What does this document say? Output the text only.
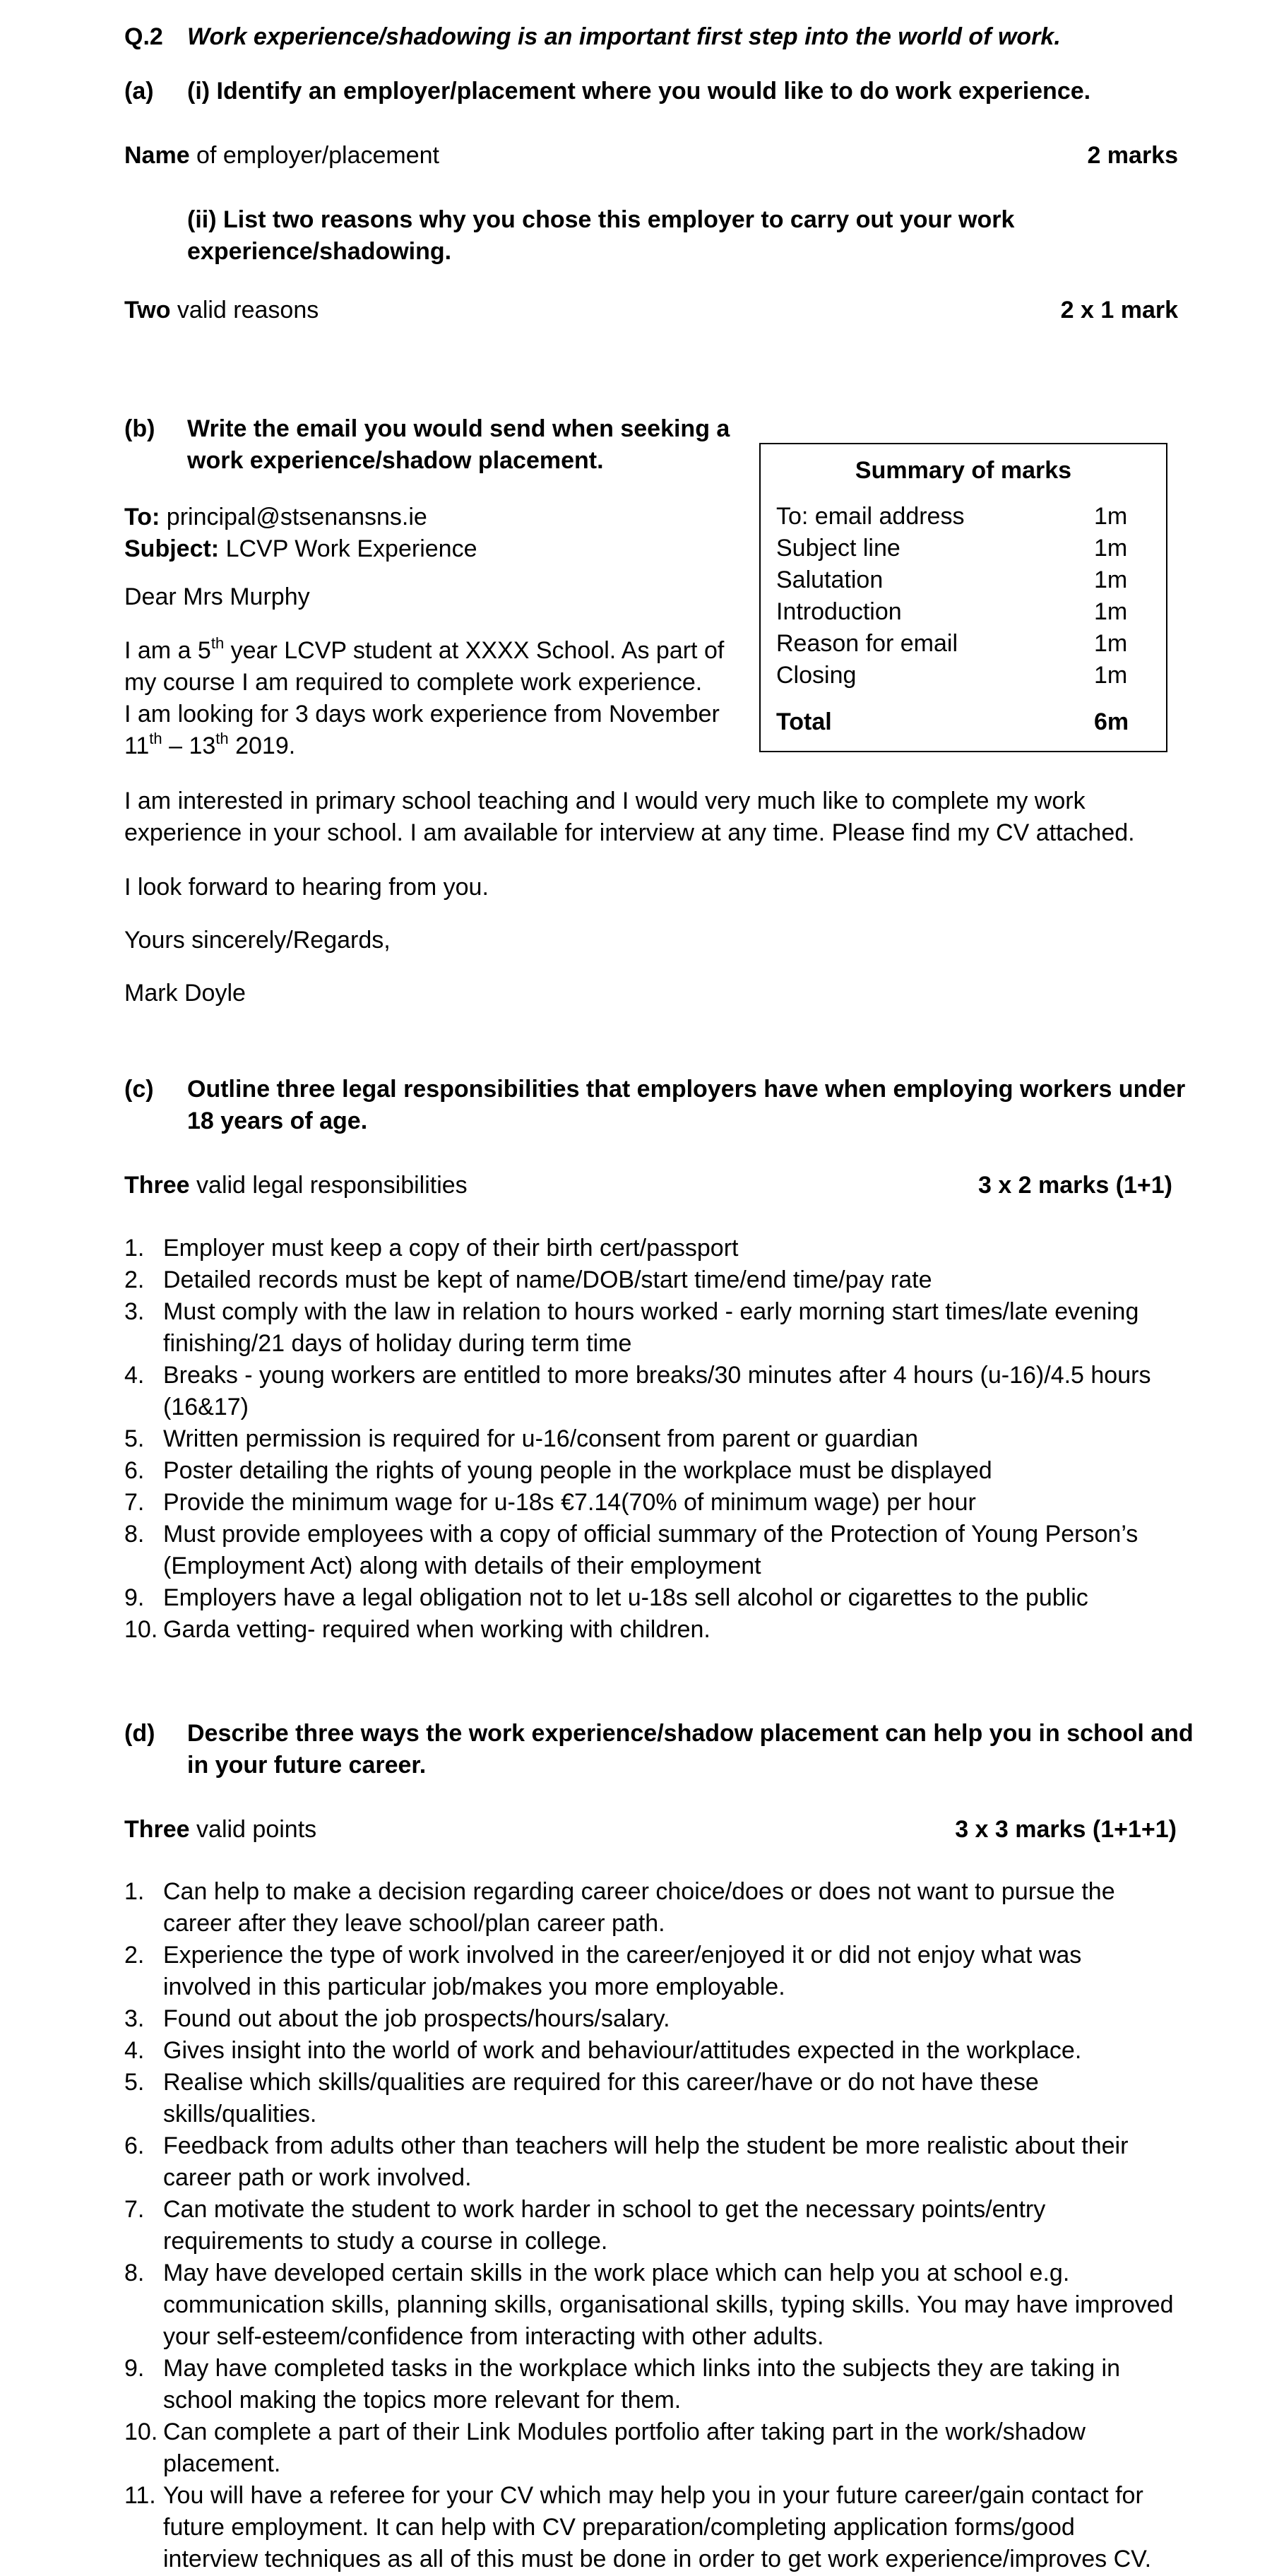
Q.2 Work experience/shadowing is an important first step into the world of work.
(a) (i) Identify an employer/placement where you would like to do work experience.
Name of employer/placement	2 marks
(ii) List two reasons why you chose this employer to carry out your work
experience/shadowing.
Two valid reasons	2 x 1 mark
(b) Write the email you would send when seeking a
work experience/shadow placement.
To: principal@stsenansns.ie
Subject: LCVP Work Experience
Dear Mrs Murphy
I am a 5th year LCVP student at XXXX School. As part of
my course I am required to complete work experience.
I am looking for 3 days work experience from November
11th – 13th 2019.
I am interested in primary school teaching and I would very much like to complete my work
experience in your school. I am available for interview at any time. Please find my CV attached.
I look forward to hearing from you.
Yours sincerely/Regards,
Mark Doyle
Summary of marks
To: email address	1m
Subject line	1m
Salutation	1m
Introduction	1m
Reason for email	1m
Closing	1m
Total	6m
(c) Outline three legal responsibilities that employers have when employing workers under
18 years of age.
Three valid legal responsibilities	3 x 2 marks (1+1)
1. Employer must keep a copy of their birth cert/passport
2. Detailed records must be kept of name/DOB/start time/end time/pay rate
3. Must comply with the law in relation to hours worked - early morning start times/late evening
finishing/21 days of holiday during term time
4. Breaks - young workers are entitled to more breaks/30 minutes after 4 hours (u-16)/4.5 hours
(16&17)
5. Written permission is required for u-16/consent from parent or guardian
6. Poster detailing the rights of young people in the workplace must be displayed
7. Provide the minimum wage for u-18s €7.14(70% of minimum wage) per hour
8. Must provide employees with a copy of official summary of the Protection of Young Person’s
(Employment Act) along with details of their employment
9. Employers have a legal obligation not to let u-18s sell alcohol or cigarettes to the public
10. Garda vetting- required when working with children.
(d) Describe three ways the work experience/shadow placement can help you in school and
in your future career.
Three valid points	3 x 3 marks (1+1+1)
1. Can help to make a decision regarding career choice/does or does not want to pursue the
career after they leave school/plan career path.
2. Experience the type of work involved in the career/enjoyed it or did not enjoy what was
involved in this particular job/makes you more employable.
3. Found out about the job prospects/hours/salary.
4. Gives insight into the world of work and behaviour/attitudes expected in the workplace.
5. Realise which skills/qualities are required for this career/have or do not have these
skills/qualities.
6. Feedback from adults other than teachers will help the student be more realistic about their
career path or work involved.
7. Can motivate the student to work harder in school to get the necessary points/entry
requirements to study a course in college.
8. May have developed certain skills in the work place which can help you at school e.g.
communication skills, planning skills, organisational skills, typing skills. You may have improved
your self-esteem/confidence from interacting with other adults.
9. May have completed tasks in the workplace which links into the subjects they are taking in
school making the topics more relevant for them.
10. Can complete a part of their Link Modules portfolio after taking part in the work/shadow
placement.
11. You will have a referee for your CV which may help you in your future career/gain contact for
future employment. It can help with CV preparation/completing application forms/good
interview techniques as all of this must be done in order to get work experience/improves CV.
